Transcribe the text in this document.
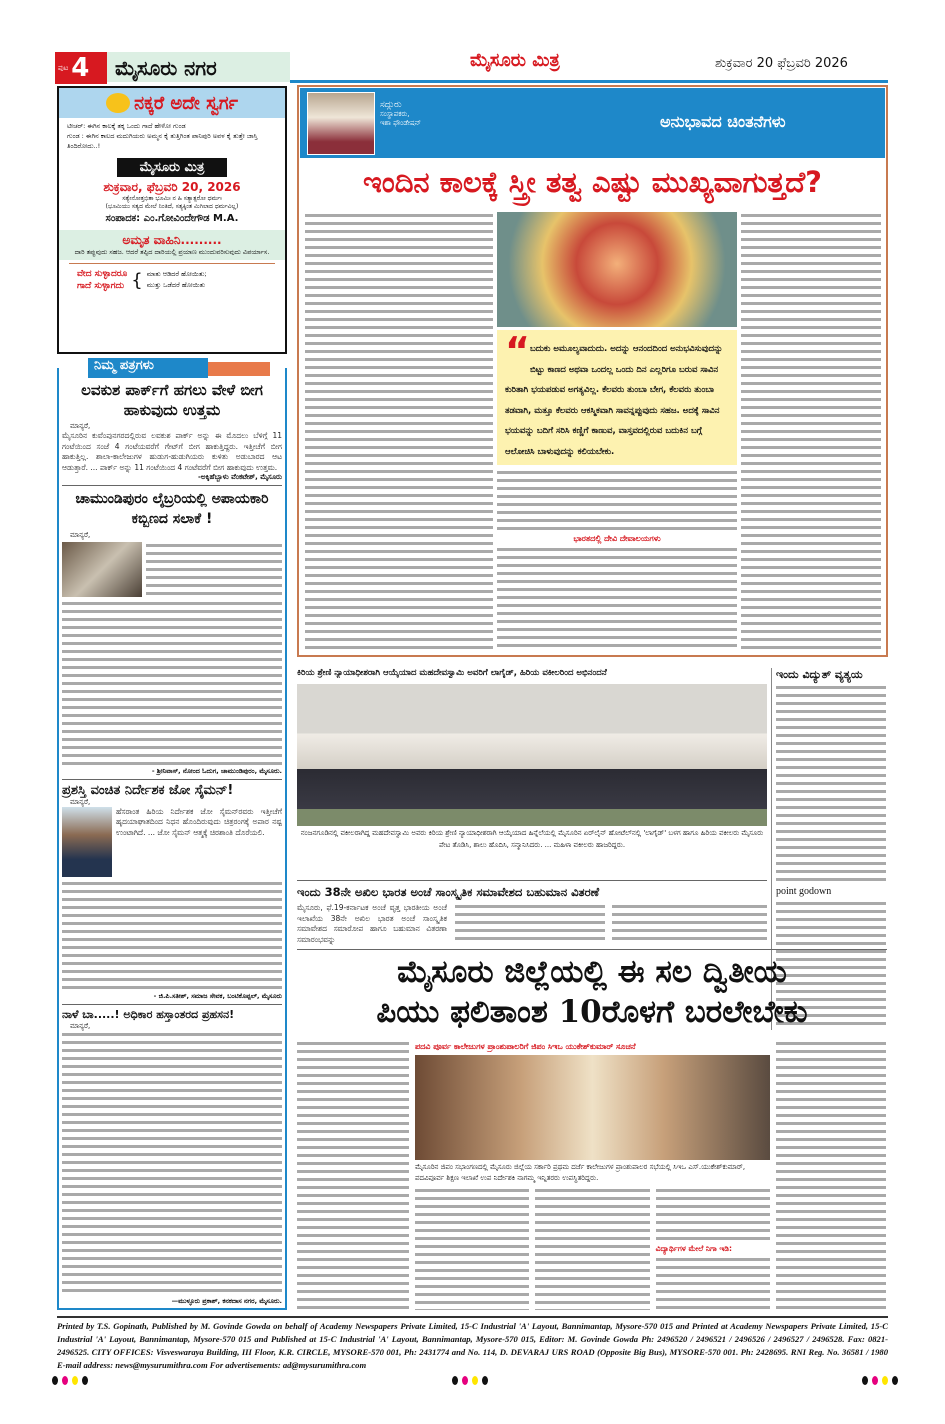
ಪುಟ 4 ಮೈಸೂರು ನಗರ	ಮೈಸೂರು ಮಿತ್ರ	ಶುಕ್ರವಾರ 20 ಫೆಬ್ರವರಿ 2026
ನಕ್ಕರೆ ಅದೇ ಸ್ವರ್ಗ
ಟೀಚರ್: ಈಗಿನ ಕಾಲಕ್ಕೆ ತಕ್ಕ ಒಂದು ಗಾದೆ ಹೇಳೋ ಗುಂಡ
ಗುಂಡ : ಈಗಿನ ಕಾಲದ ಮದುಗಿಯರು ಅಮ್ಮನ ಕೈ ತುತ್ತಿಗಿಂತ ಪಾನಿಪುರಿ ಅವಳ ಕೈ ತುತ್ತೇ ಜಾಸ್ತಿ ತಿಂದಿರೋದು..!
ಮೈಸೂರು ಮಿತ್ರ
ಶುಕ್ರವಾರ, ಫೆಬ್ರವರಿ 20, 2026
ಸತ್ಯೇನೋತ್ತಭಿತಾ ಭೂಮಿಃ ನ ಹಿ ಸತ್ಯಾತ್ಪರೋ ಧರ್ಮಃ
(ಭೂಮಿಯು ಸತ್ಯದ ಮೇಲೆ ನಿಂತಿದೆ, ಸತ್ಯಕ್ಕಿಂತ ಮಿಗಿಲಾದ ಧರ್ಮವಿಲ್ಲ)
ಸಂಪಾದಕ: ಎಂ.ಗೋವಿಂದೇಗೌಡ M.A.
ಅಮೃತ ವಾಹಿನಿ.........
ದಾರಿ ತಪ್ಪುವುದು ಸಹಜ. ಆದರೆ ತಪ್ಪಿದ ದಾರಿಯಲ್ಲಿ ಪ್ರಯಾಣ ಮುಂದುವರಿಸುವುದು ವಿಪರ್ಯಾಸ.
ವೇದ ಸುಳ್ಳಾದರೂ
ಗಾದೆ ಸುಳ್ಳಾಗದು { ಮಾತು ಆಡಿದರೆ ಹೋಯಿತು;
ಮುತ್ತು ಒಡೆದರೆ ಹೋಯಿತು
ನಿಮ್ಮ ಪತ್ರಗಳು
ಲವಕುಶ ಪಾರ್ಕ್‌ಗೆ ಹಗಲು ವೇಳೆ ಬೀಗ ಹಾಕುವುದು ಉತ್ತಮ
ಮಾನ್ಯರೆ,
ಮೈಸೂರಿನ ಕುವೆಂಪುನಗರದಲ್ಲಿರುವ ಲವಕುಶ ಪಾರ್ಕ್ ಅನ್ನು ಈ ಮೊದಲು ಬೆಳಿಗ್ಗೆ 11 ಗಂಟೆಯಿಂದ ಸಂಜೆ 4 ಗಂಟೆಯವರೆಗೆ ಗೇಟ್‌ಗೆ ಬೀಗ ಹಾಕುತ್ತಿದ್ದರು. ಇತ್ತೀಚೆಗೆ ಬೀಗ ಹಾಕುತ್ತಿಲ್ಲ. ಶಾಲಾ-ಕಾಲೇಜುಗಳ ಹುಡುಗ-ಹುಡುಗಿಯರು ಕುಳಿತು ಅಡುಬಾರದ ಆಟ ಆಡುತ್ತಾರೆ. ... ಪಾರ್ಕ್ ಅನ್ನು 11 ಗಂಟೆಯಿಂದ 4 ಗಂಟೆವರೆಗೆ ಬೀಗ ಹಾಕುವುದು ಉತ್ತಮ.
-ಅಕ್ಕಿಹೆಬ್ಬಾಳು ವೆಂಕಟೇಶ್, ಮೈಸೂರು
ಚಾಮುಂಡಿಪುರಂ ಲೈಬ್ರರಿಯಲ್ಲಿ ಅಪಾಯಕಾರಿ ಕಬ್ಬಿಣದ ಸಲಾಕೆ !
ಮಾನ್ಯರೆ,
- ಶ್ರೀನಿವಾಸ್, ನೋಂದ ಓದುಗ, ಚಾಮುಂಡಿಪುರಂ, ಮೈಸೂರು.
ಪ್ರಶಸ್ತಿ ವಂಚಿತ ನಿರ್ದೇಶಕ ಜೋ ಸೈಮನ್!
ಮಾನ್ಯರೆ,
ಹೆಸರಾಂತ ಹಿರಿಯ ನಿರ್ದೇಶಕ ಜೋ ಸೈಮನ್‌ರವರು ಇತ್ತೀಚೆಗೆ ಹೃದಯಾಘಾತದಿಂದ ನಿಧನ ಹೊಂದಿರುವುದು ಚಿತ್ರರಂಗಕ್ಕೆ ಅಪಾರ ನಷ್ಟ ಉಂಟಾಗಿದೆ. ... ಜೋ ಸೈಮನ್ ಆತ್ಮಕ್ಕೆ ಚಿರಶಾಂತಿ ದೊರೆಯಲಿ.
- ಜಿ.ಪಿ.ಸತೀಶ್, ಸಮಾಜ ಸೇವಕ, ಬಂಟಿಕೊಪ್ಪಲ್, ಮೈಸೂರು
ನಾಳೆ ಬಾ.....! ಅಧಿಕಾರ ಹಸ್ತಾಂತರದ ಪ್ರಹಸನ!
ಮಾನ್ಯರೆ,
—ಮುಳ್ಳೂರು ಪ್ರಕಾಶ್, ಕನಕದಾಸ ನಗರ, ಮೈಸೂರು.
ಸದ್ಗುರು
ಸಂಸ್ಥಾಪಕರು,
ಇಶಾ ಫೌಂಡೇಷನ್	ಅನುಭಾವದ ಚಿಂತನೆಗಳು
ಇಂದಿನ ಕಾಲಕ್ಕೆ ಸ್ತ್ರೀ ತತ್ವ ಎಷ್ಟು ಮುಖ್ಯವಾಗುತ್ತದೆ?
“ ಬದುಕು ಅಮೂಲ್ಯವಾದುದು. ಅದನ್ನು ಆನಂದದಿಂದ ಅನುಭವಿಸುವುದನ್ನು ಬಿಟ್ಟು ಕಾಣದ ಅಥವಾ ಒಂದಲ್ಲ ಒಂದು ದಿನ ಎಲ್ಲರಿಗೂ ಬರುವ ಸಾವಿನ ಕುರಿತಾಗಿ ಭಯಪಡುವ ಅಗತ್ಯವಿಲ್ಲ. ಕೆಲವರು ತುಂಬಾ ಬೇಗ, ಕೆಲವರು ತುಂಬಾ ತಡವಾಗಿ, ಮತ್ತೂ ಕೆಲವರು ಆಕಸ್ಮಿಕವಾಗಿ ಸಾವನ್ನಪ್ಪುವುದು ಸಹಜ. ಅದಕ್ಕೆ ಸಾವಿನ ಭಯವನ್ನು ಬದಿಗೆ ಸರಿಸಿ ಕಣ್ಣಿಗೆ ಕಾಣುವ, ವಾಸ್ತವದಲ್ಲಿರುವ ಬದುಕಿನ ಬಗ್ಗೆ ಆಲೋಚಿಸಿ ಬಾಳುವುದನ್ನು ಕಲಿಯಬೇಕು.
ಭಾರತದಲ್ಲಿ ದೇವಿ ದೇವಾಲಯಗಳು
ಕಿರಿಯ ಶ್ರೇಣಿ ನ್ಯಾಯಾಧೀಶರಾಗಿ ಆಯ್ಕೆಯಾದ ಮಹದೇವಸ್ವಾಮಿ ಅವರಿಗೆ ಲಾಗೈಡ್, ಹಿರಿಯ ವಕೀಲರಿಂದ ಅಭಿನಂದನೆ
ನಂಜನಗೂಡಿನಲ್ಲಿ ವಕೀಲರಾಗಿದ್ದ ಮಹದೇವಸ್ವಾಮಿ ಅವರು ಕಿರಿಯ ಶ್ರೇಣಿ ನ್ಯಾಯಾಧೀಶರಾಗಿ ಆಯ್ಕೆಯಾದ ಹಿನ್ನೆಲೆಯಲ್ಲಿ ಮೈಸೂರಿನ ಏರ್‌ಲೈನ್ ಹೋಟೆಲ್‌ನಲ್ಲಿ 'ಲಾಗೈಡ್' ಬಳಗ ಹಾಗೂ ಹಿರಿಯ ವಕೀಲರು ಮೈಸೂರು ಪೇಟ ತೊಡಿಸಿ, ಶಾಲು ಹೊದಿಸಿ, ಸನ್ಮಾನಿಸಿದರು. ... ಮಹಿಳಾ ವಕೀಲರು ಹಾಜರಿದ್ದರು.
ಇಂದು ವಿದ್ಯುತ್ ವ್ಯತ್ಯಯ
point godown
ಇಂದು 38ನೇ ಅಖಿಲ ಭಾರತ ಅಂಚೆ ಸಾಂಸ್ಕೃತಿಕ ಸಮಾವೇಶದ ಬಹುಮಾನ ವಿತರಣೆ
ಮೈಸೂರು, ಫೆ.19-ಕರ್ನಾಟಕ ಅಂಚೆ ವೃತ್ತ ಭಾರತೀಯ ಅಂಚೆ ಇಲಾಖೆಯ 38ನೇ ಅಖಿಲ ಭಾರತ ಅಂಚೆ ಸಾಂಸ್ಕೃತಿಕ ಸಮಾವೇಶದ ಸಮಾರೋಪ ಹಾಗೂ ಬಹುಮಾನ ವಿತರಣಾ ಸಮಾರಂಭವನ್ನು
ಮೈಸೂರು ಜಿಲ್ಲೆಯಲ್ಲಿ ಈ ಸಲ ದ್ವಿತೀಯ
ಪಿಯು ಫಲಿತಾಂಶ 10ರೊಳಗೆ ಬರಲೇಬೇಕು
ಪದವಿ ಪೂರ್ವ ಕಾಲೇಜುಗಳ ಪ್ರಾಂಶುಪಾಲರಿಗೆ ಜಿಪಂ ಸಿಇಒ ಯುಕೇಶ್‌ಕುಮಾರ್ ಸೂಚನೆ
ಮೈಸೂರಿನ ಜಿಪಂ ಸಭಾಂಗಣದಲ್ಲಿ ಮೈಸೂರು ಜಿಲ್ಲೆಯ ಸರ್ಕಾರಿ ಪ್ರಥಮ ದರ್ಜೆ ಕಾಲೇಜುಗಳ ಪ್ರಾಂಶುಪಾಲರ ಸಭೆಯಲ್ಲಿ ಸಿಇಒ ಎಸ್.ಯುಕೇಶ್‌ಕುಮಾರ್, ಪದವಿಪೂರ್ವ ಶಿಕ್ಷಣ ಇಲಾಖೆ ಉಪ ನಿರ್ದೇಶಕಿ ನಾಗಮ್ಮ ಇನ್ನಿತರರು ಉಪಸ್ಥಿತರಿದ್ದರು.
ವಿದ್ಯಾರ್ಥಿಗಳ ಮೇಲೆ ನಿಗಾ ಇಡಿ:
Printed by T.S. Gopinath, Published by M. Govinde Gowda on behalf of Academy Newspapers Private Limited, 15-C Industrial 'A' Layout, Bannimantap, Mysore-570 015 and Printed at Academy Newspapers Private Limited, 15-C Industrial 'A' Layout, Bannimantap, Mysore-570 015 and Published at 15-C Industrial 'A' Layout, Bannimantap, Mysore-570 015, Editor: M. Govinde Gowda Ph: 2496520 / 2496521 / 2496526 / 2496527 / 2496528. Fax: 0821-2496525. CITY OFFICES: Visveswaraya Building, III Floor, K.R. CIRCLE, MYSORE-570 001, Ph: 2431774 and No. 114, D. DEVARAJ URS ROAD (Opposite Big Bus), MYSORE-570 001. Ph: 2428695. RNI Reg. No. 36581 / 1980 E-mail address: news@mysurumithra.com For advertisements: ad@mysurumithra.com
